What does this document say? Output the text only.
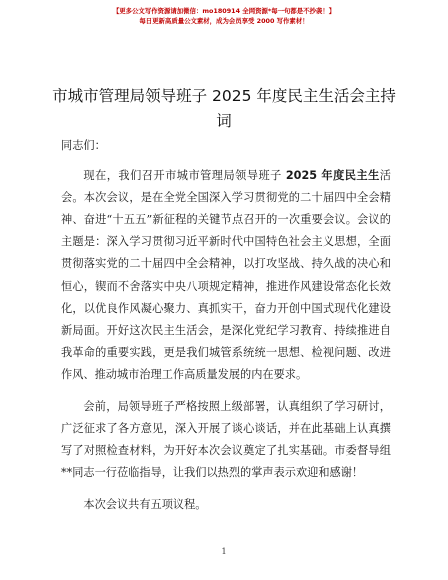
【更多公文写作资源请加微信：mo180914 全网资源*每一句都是不抄袭！】
每日更新高质量公文素材，成为会员享受 2000 写作素材！
市城市管理局领导班子 2025 年度民主生活会主持词

同志们：

现在，我们召开市城市管理局领导班子 2025 年度民主生活会。本次会议，是在全党全国深入学习贯彻党的二十届四中全会精神、奋进“十五五”新征程的关键节点召开的一次重要会议。会议的主题是：深入学习贯彻习近平新时代中国特色社会主义思想，全面贯彻落实党的二十届四中全会精神，以打攻坚战、持久战的决心和恒心，锲而不舍落实中央八项规定精神，推进作风建设常态化长效化，以优良作风凝心聚力、真抓实干，奋力开创中国式现代化建设新局面。开好这次民主生活会，是深化党纪学习教育、持续推进自我革命的重要实践，更是我们城管系统统一思想、检视问题、改进作风、推动城市治理工作高质量发展的内在要求。

会前，局领导班子严格按照上级部署，认真组织了学习研讨，广泛征求了各方意见，深入开展了谈心谈话，并在此基础上认真撰写了对照检查材料，为开好本次会议奠定了扎实基础。市委督导组**同志一行莅临指导，让我们以热烈的掌声表示欢迎和感谢！

本次会议共有五项议程。

1
